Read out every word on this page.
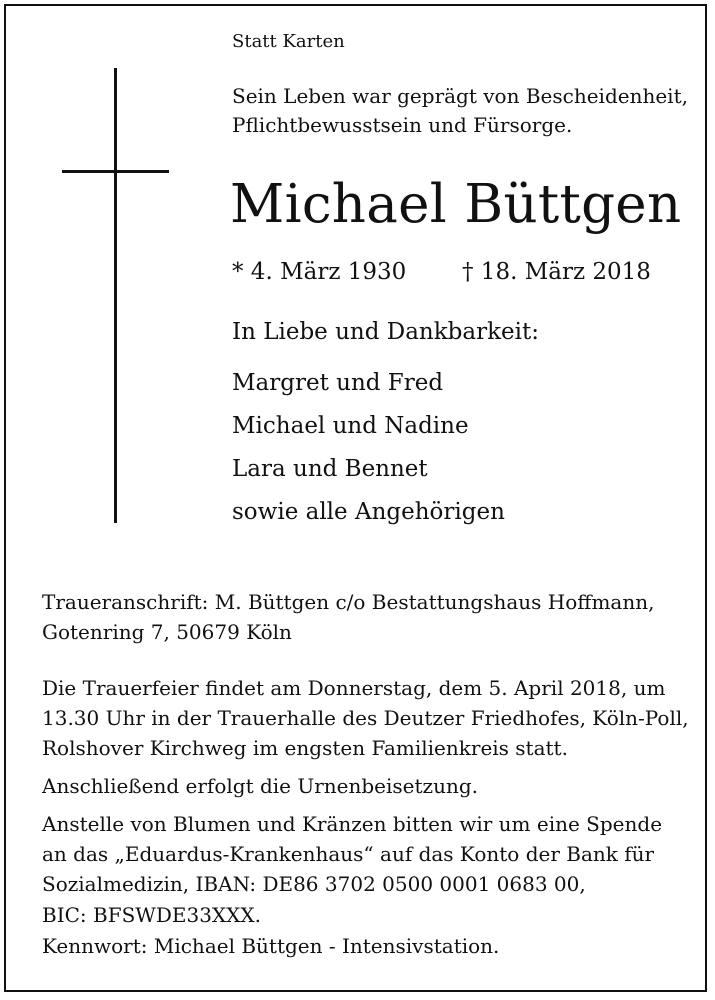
Statt Karten
Sein Leben war geprägt von Bescheidenheit,
Pflichtbewusstsein und Fürsorge.
Michael Büttgen
* 4. März 1930 † 18. März 2018
In Liebe und Dankbarkeit:
Margret und Fred
Michael und Nadine
Lara und Bennet
sowie alle Angehörigen
Traueranschrift: M. Büttgen c/o Bestattungshaus Hoffmann,
Gotenring 7, 50679 Köln
Die Trauerfeier findet am Donnerstag, dem 5. April 2018, um
13.30 Uhr in der Trauerhalle des Deutzer Friedhofes, Köln-Poll,
Rolshover Kirchweg im engsten Familienkreis statt.
Anschließend erfolgt die Urnenbeisetzung.
Anstelle von Blumen und Kränzen bitten wir um eine Spende
an das „Eduardus-Krankenhaus“ auf das Konto der Bank für
Sozialmedizin, IBAN: DE86 3702 0500 0001 0683 00,
BIC: BFSWDE33XXX.
Kennwort: Michael Büttgen - Intensivstation.
